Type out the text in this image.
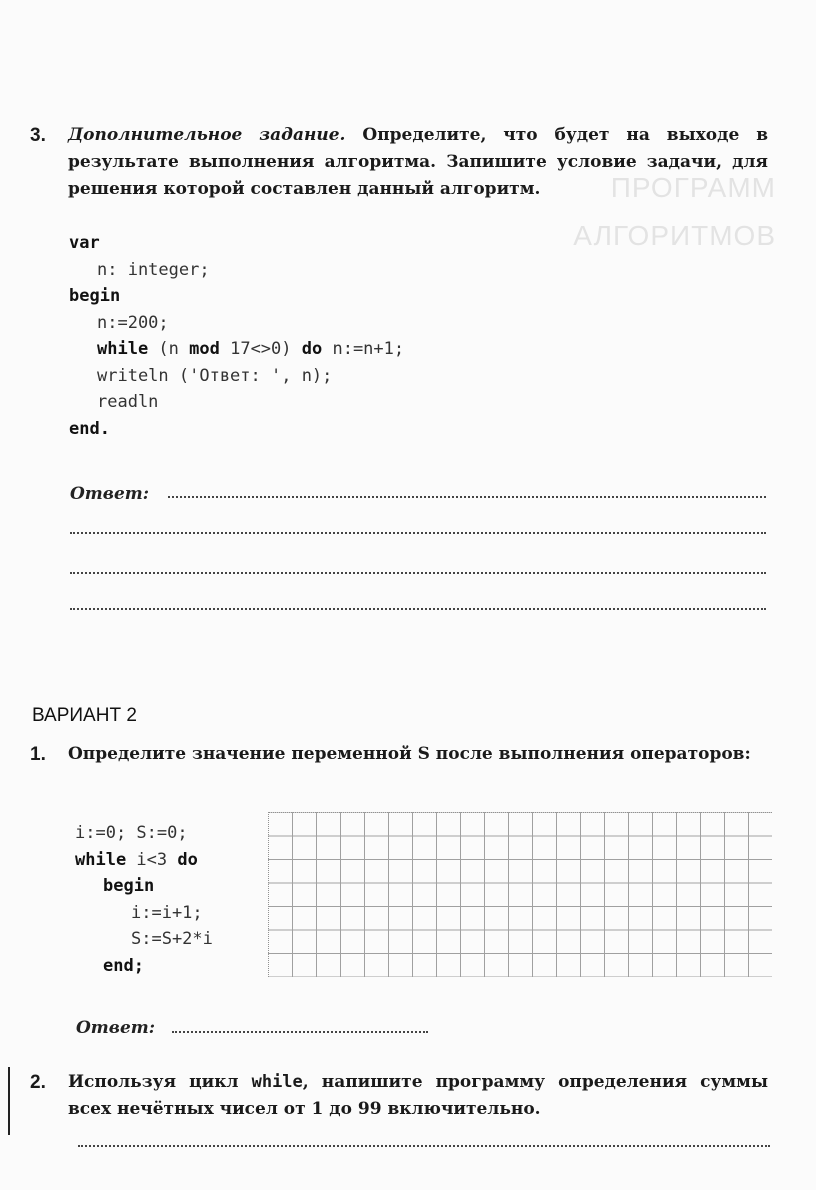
ПРОГРАММ
АЛГОРИТМОВ
3. Дополнительное задание. Определите, что будет на выходе в результате выполнения алгоритма. Запишите условие задачи, для решения которой составлен данный алгоритм.
var
n: integer;
begin
n:=200;
while (n mod 17<>0) do n:=n+1;
writeln ('Ответ: ', n);
readln
end.
Ответ:
ВАРИАНТ 2
1. Определите значение переменной S после выполнения операторов:
i:=0; S:=0;
while i<3 do
begin
i:=i+1;
S:=S+2*i
end;
Ответ:
2. Используя цикл while, напишите программу определения суммы всех нечётных чисел от 1 до 99 включительно.
